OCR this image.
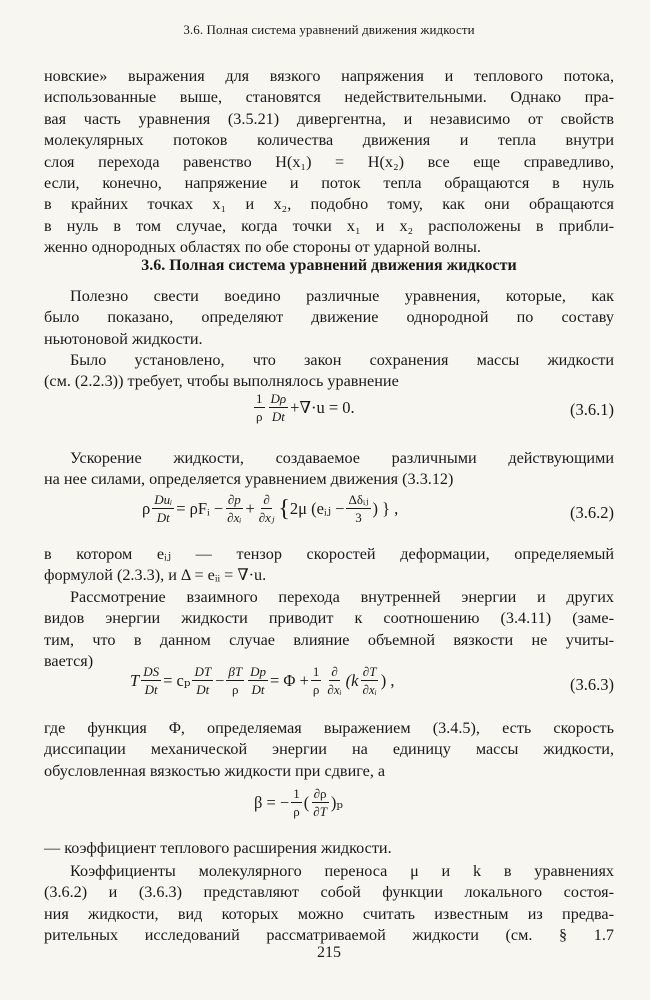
3.6. Полная система уравнений движения жидкости
новские» выражения для вязкого напряжения и теплового потока,
использованные выше, становятся недействительными. Однако пра-
вая часть уравнения (3.5.21) дивергентна, и независимо от свойств
молекулярных потоков количества движения и тепла внутри
слоя перехода равенство H(x₁) = H(x₂) все еще справедливо,
если, конечно, напряжение и поток тепла обращаются в нуль
в крайних точках x₁ и x₂, подобно тому, как они обращаются
в нуль в том случае, когда точки x₁ и x₂ расположены в прибли-
женно однородных областях по обе стороны от ударной волны.
3.6. Полная система уравнений движения жидкости
Полезно свести воедино различные уравнения, которые, как
было показано, определяют движение однородной по составу
ньютоновой жидкости.
Было установлено, что закон сохранения массы жидкости
(см. (2.2.3)) требует, чтобы выполнялось уравнение
$\frac{1}{\rho} \frac{D\rho}{Dt} +\nabla\cdot u = 0$.	(3.6.1)
Ускорение жидкости, создаваемое различными действующими
на нее силами, определяется уравнением движения (3.3.12)
ρ $\frac{\text{Duᵢ}}{Dt}$ = ρFᵢ − $\frac{\partial p}{\text{∂xᵢ}} + \frac{\partial}{\text{∂xⱼ}}$ { 2μ (eᵢⱼ − $\frac{\text{Δδᵢⱼ}}{3}$ ) } ,	(3.6.2)
в котором eᵢⱼ — тензор скоростей деформации, определяемый
формулой (2.3.3), и Δ = eᵢᵢ = ∇·u.
Рассмотрение взаимного перехода внутренней энергии и других
видов энергии жидкости приводит к соотношению (3.4.11) (заме-
тим, что в данном случае влияние объемной вязкости не учиты-
вается)
T $\frac{DS}{Dt} = c_p \frac{DT}{Dt} - \frac{\beta T}{\rho} \frac{Dp}{Dt} = \Phi + \frac{1}{\rho} \frac{\partial}{\text{∂xᵢ}} (k \frac{\partial T}{\text{∂xᵢ}}$ ) ,	(3.6.3)
где функция Φ, определяемая выражением (3.4.5), есть скорость
диссипации механической энергии на единицу массы жидкости,
обусловленная вязкостью жидкости при сдвиге, а
β = − $\frac{1}{\rho}$ ( $\frac{\partial\rho}{\partial T} )_p$
— коэффициент теплового расширения жидкости.
Коэффициенты молекулярного переноса μ и k в уравнениях
(3.6.2) и (3.6.3) представляют собой функции локального состоя-
ния жидкости, вид которых можно считать известным из предва-
рительных исследований рассматриваемой жидкости (см. § 1.7
215
